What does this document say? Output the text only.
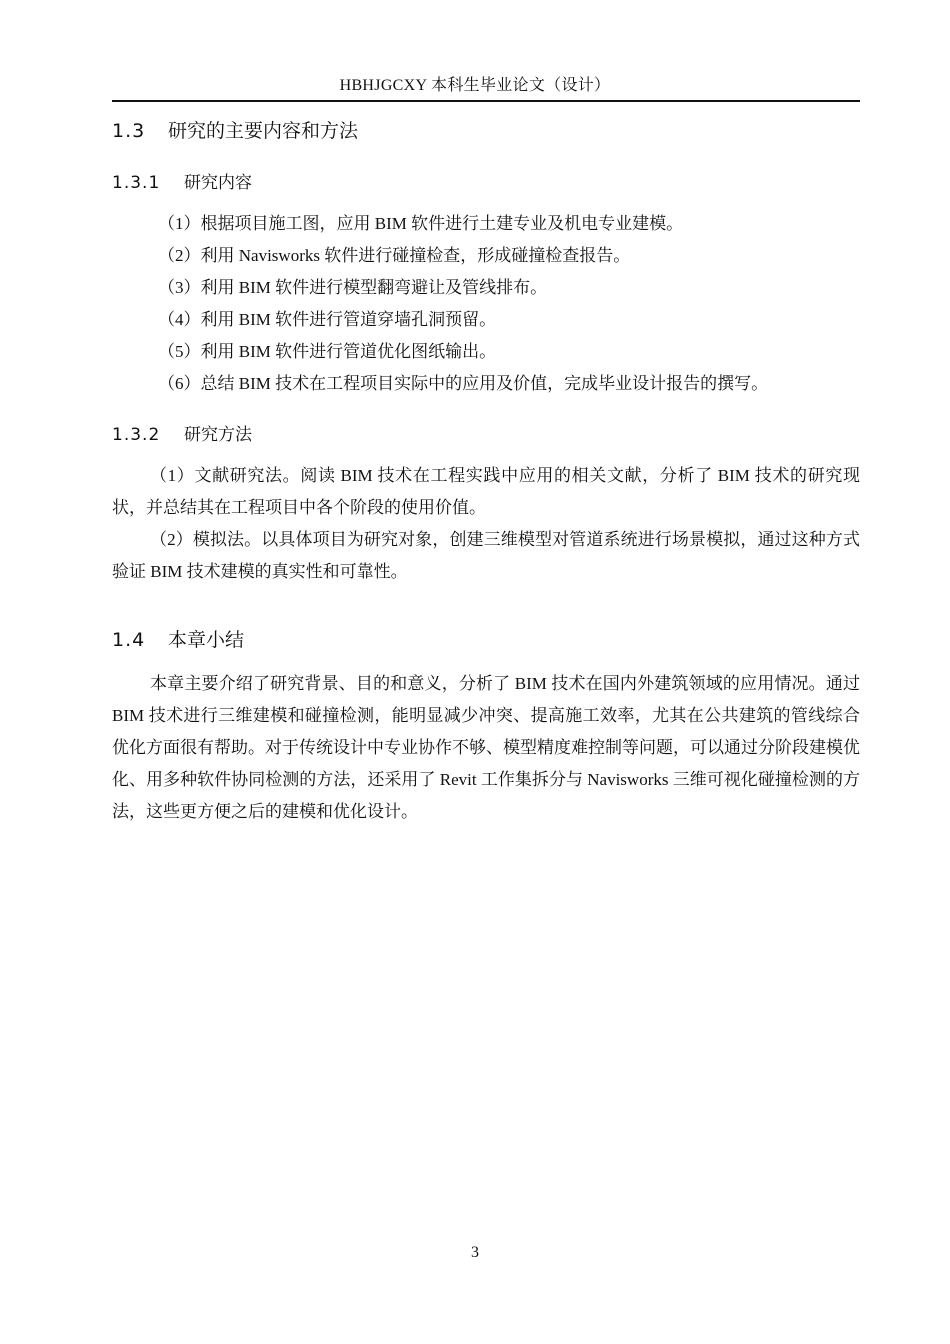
HBHJGCXY 本科生毕业论文（设计）
1.3 研究的主要内容和方法
1.3.1 研究内容
（1）根据项目施工图，应用 BIM 软件进行土建专业及机电专业建模。
（2）利用 Navisworks 软件进行碰撞检查，形成碰撞检查报告。
（3）利用 BIM 软件进行模型翻弯避让及管线排布。
（4）利用 BIM 软件进行管道穿墙孔洞预留。
（5）利用 BIM 软件进行管道优化图纸输出。
（6）总结 BIM 技术在工程项目实际中的应用及价值，完成毕业设计报告的撰写。
1.3.2 研究方法
（1）文献研究法。阅读 BIM 技术在工程实践中应用的相关文献，分析了 BIM 技术的研究现状，并总结其在工程项目中各个阶段的使用价值。
（2）模拟法。以具体项目为研究对象，创建三维模型对管道系统进行场景模拟，通过这种方式验证 BIM 技术建模的真实性和可靠性。
1.4 本章小结
本章主要介绍了研究背景、目的和意义，分析了 BIM 技术在国内外建筑领域的应用情况。通过 BIM 技术进行三维建模和碰撞检测，能明显减少冲突、提高施工效率，尤其在公共建筑的管线综合优化方面很有帮助。对于传统设计中专业协作不够、模型精度难控制等问题，可以通过分阶段建模优化、用多种软件协同检测的方法，还采用了 Revit 工作集拆分与 Navisworks 三维可视化碰撞检测的方法，这些更方便之后的建模和优化设计。
3
